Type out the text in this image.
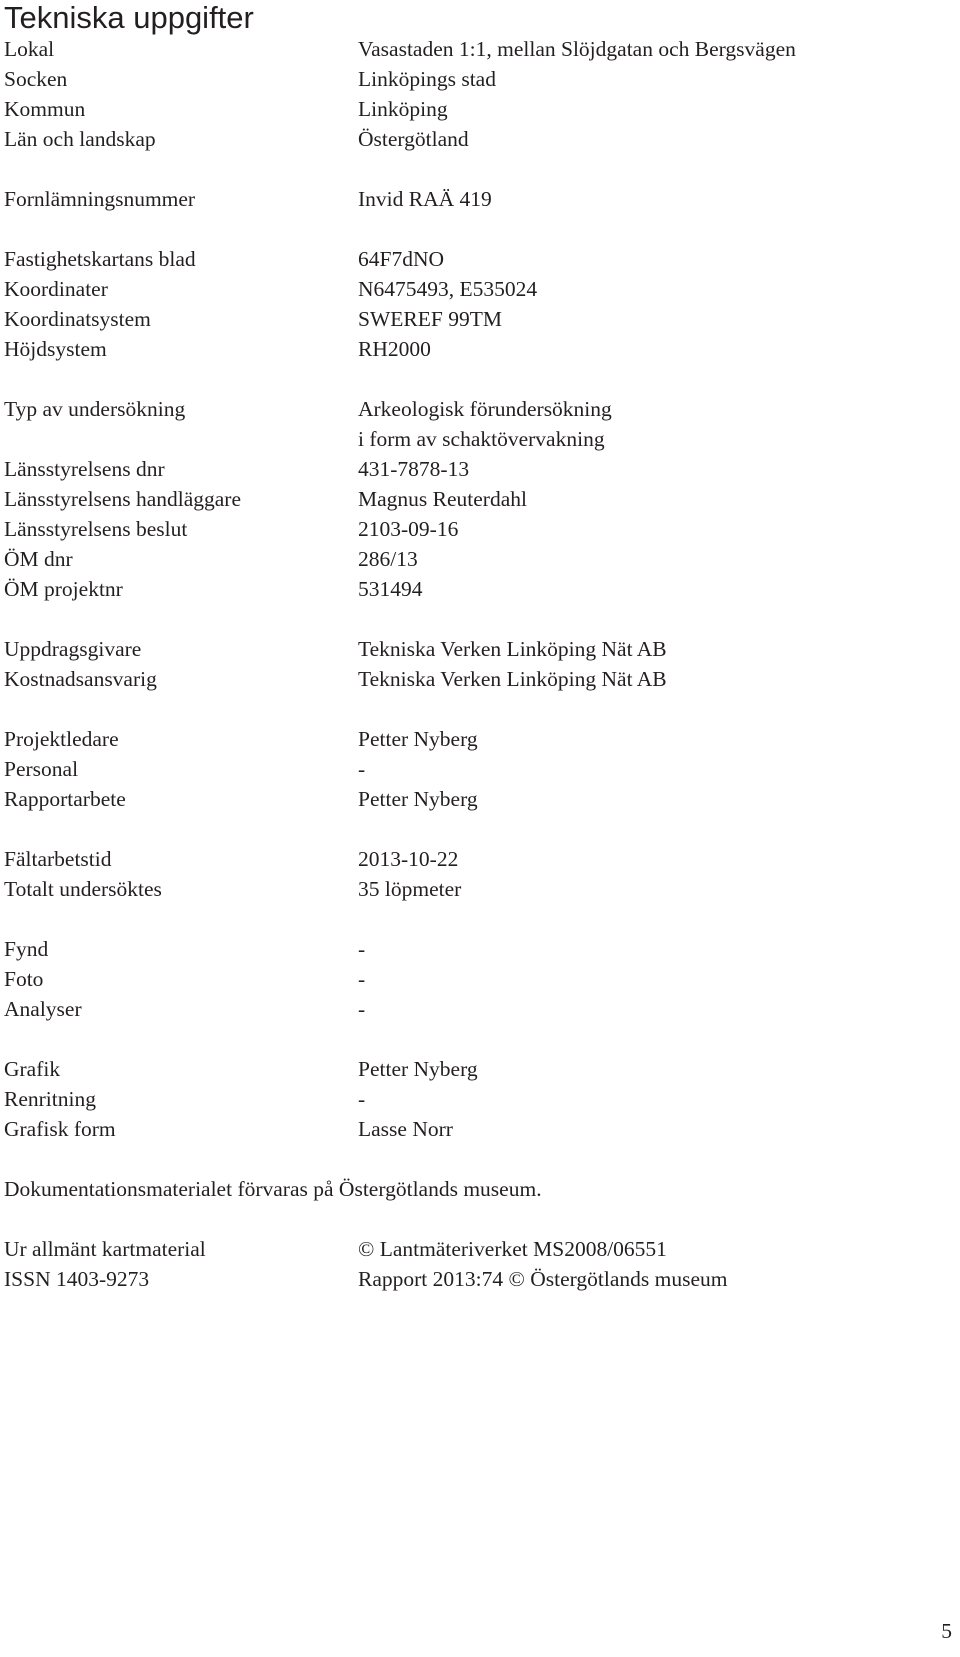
Tekniska uppgifter
Lokal	Vasastaden 1:1, mellan Slöjdgatan och Bergsvägen
Socken	Linköpings stad
Kommun	Linköping
Län och landskap	Östergötland
Fornlämningsnummer	Invid RAÄ 419
Fastighetskartans blad	64F7dNO
Koordinater	N6475493, E535024
Koordinatsystem	SWEREF 99TM
Höjdsystem	RH2000
Typ av undersökning	Arkeologisk förundersökning
i form av schaktövervakning
Länsstyrelsens dnr	431-7878-13
Länsstyrelsens handläggare	Magnus Reuterdahl
Länsstyrelsens beslut	2103-09-16
ÖM dnr	286/13
ÖM projektnr	531494
Uppdragsgivare	Tekniska Verken Linköping Nät AB
Kostnadsansvarig	Tekniska Verken Linköping Nät AB
Projektledare	Petter Nyberg
Personal	-
Rapportarbete	Petter Nyberg
Fältarbetstid	2013-10-22
Totalt undersöktes	35 löpmeter
Fynd	-
Foto	-
Analyser	-
Grafik	Petter Nyberg
Renritning	-
Grafisk form	Lasse Norr
Dokumentationsmaterialet förvaras på Östergötlands museum.
Ur allmänt kartmaterial	© Lantmäteriverket MS2008/06551
ISSN 1403-9273	Rapport 2013:74 © Östergötlands museum
5
